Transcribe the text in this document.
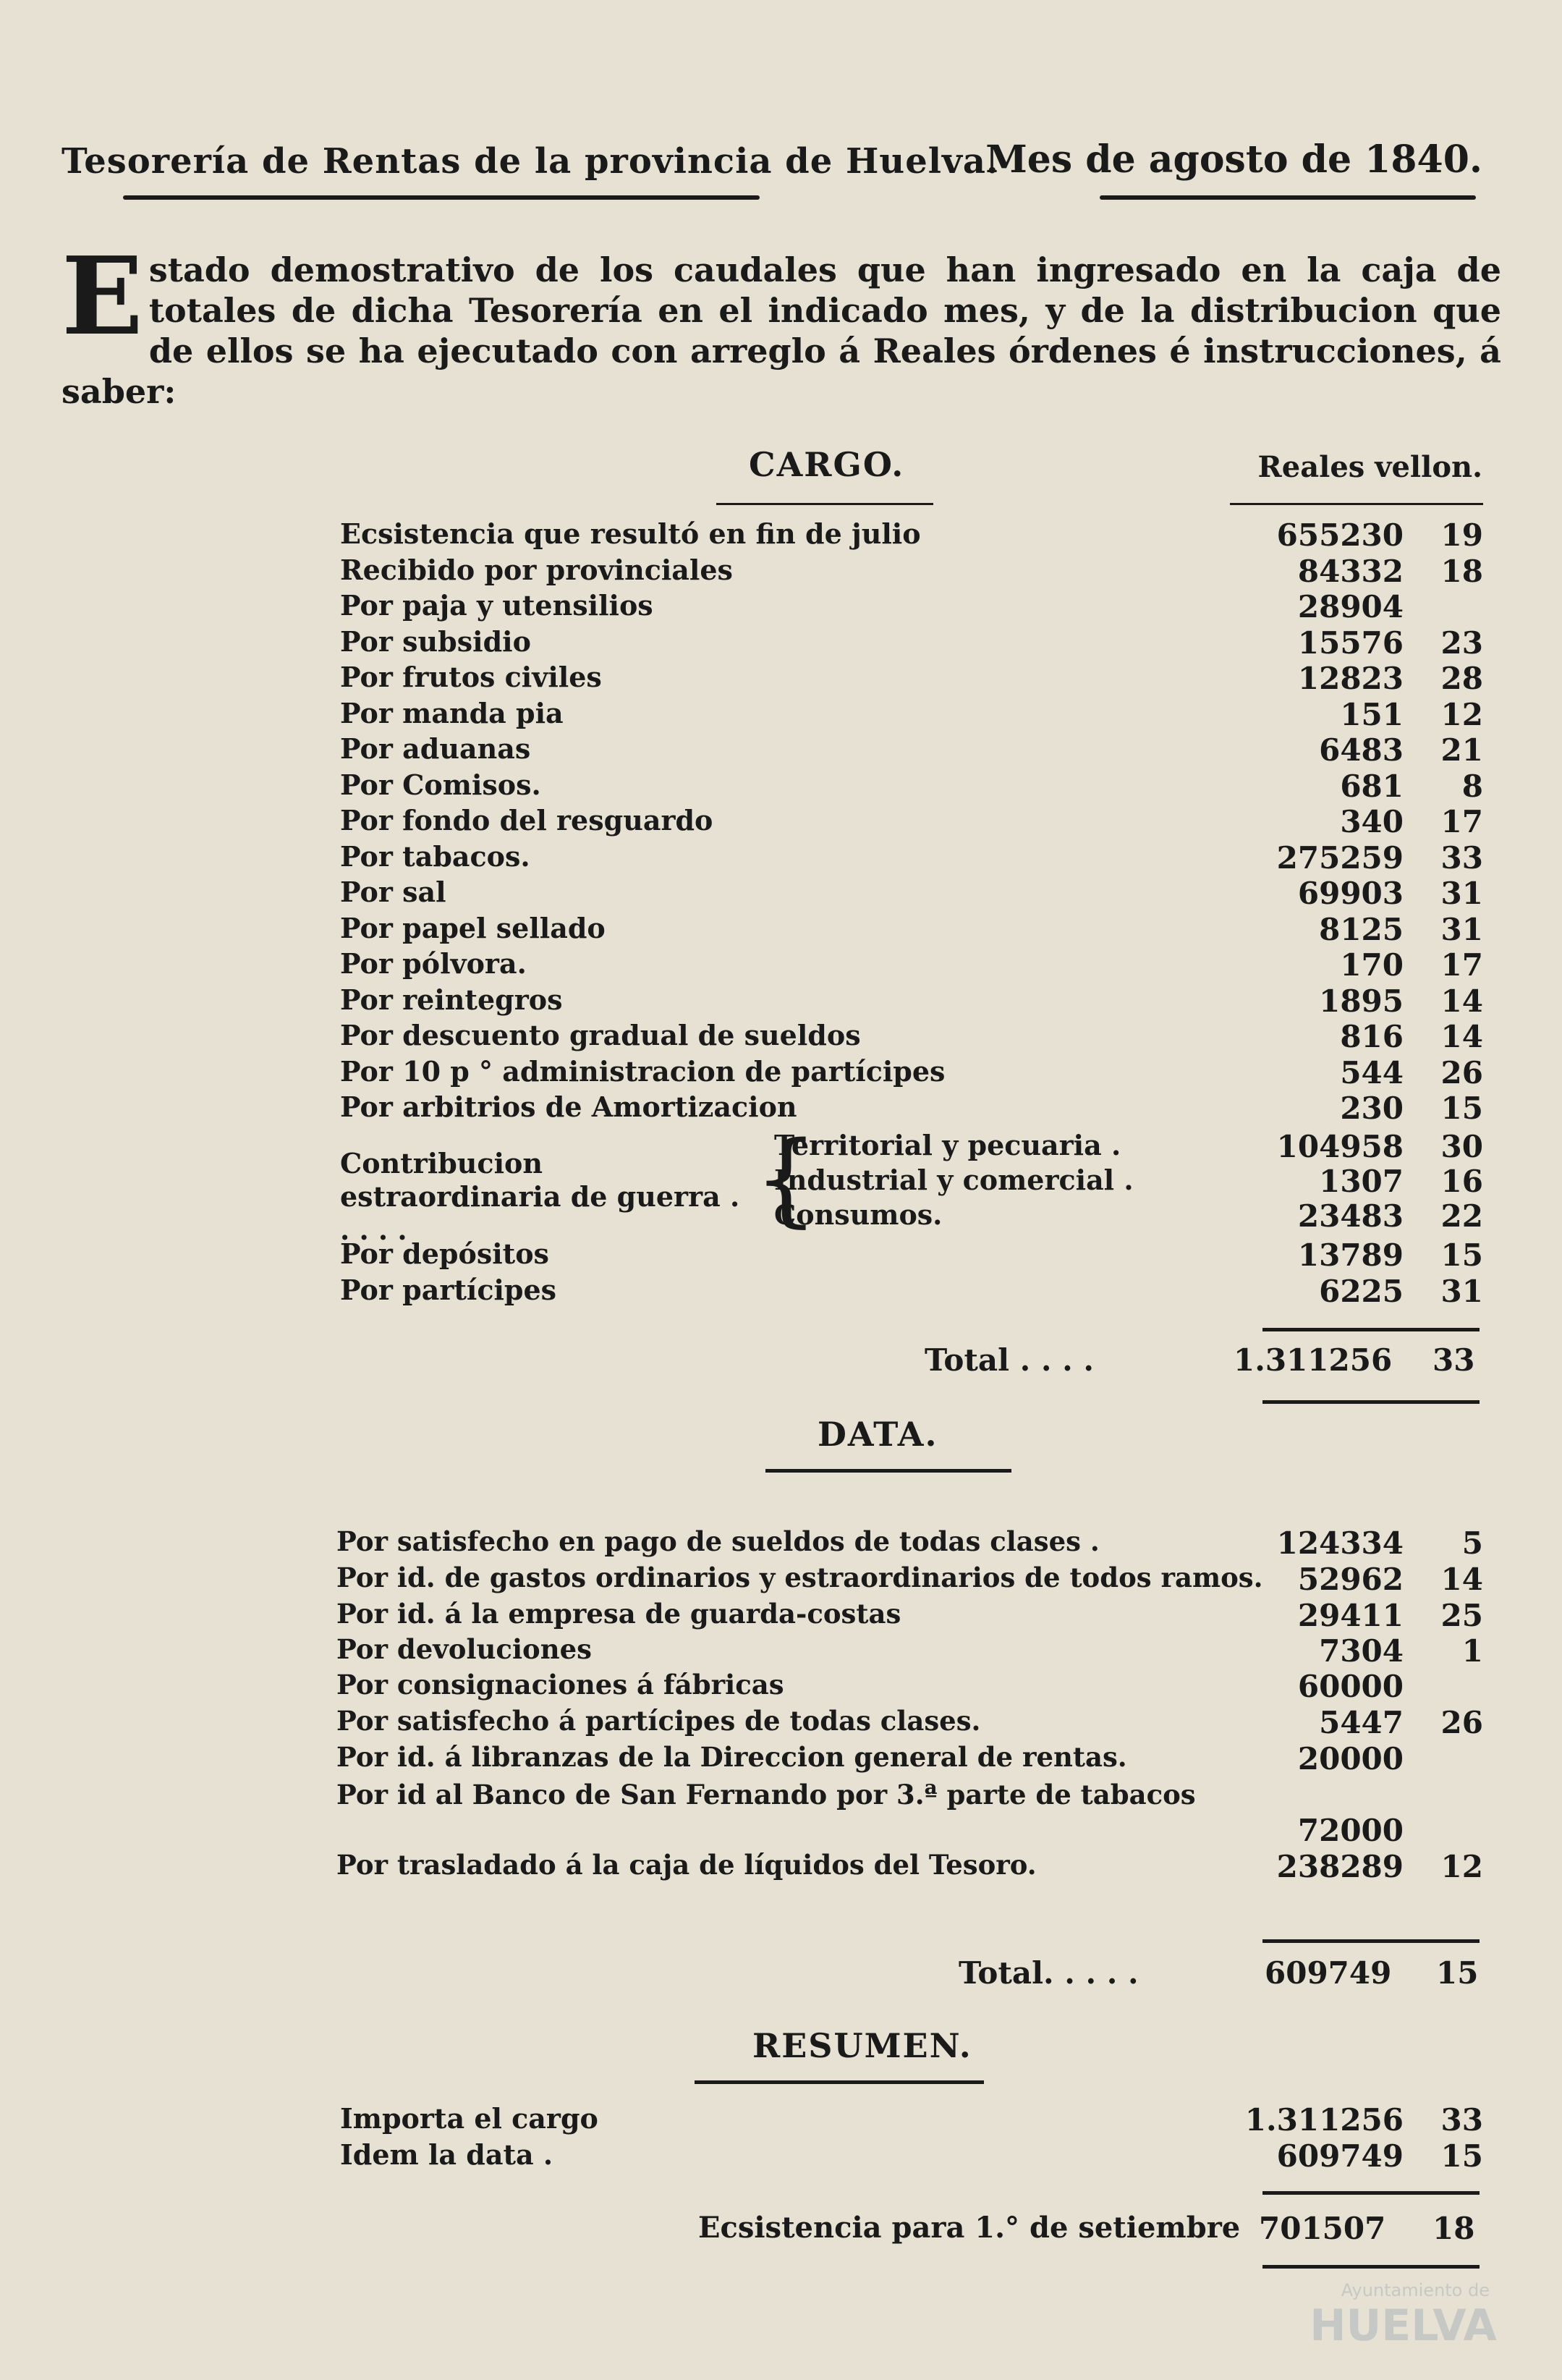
Tesorería de Rentas de la provincia de Huelva.
Mes de agosto de 1840.
Estado demostrativo de los caudales que han ingresado en la caja de totales de dicha Tesorería en el indicado mes, y de la distribucion que de ellos se ha ejecutado con arreglo á Reales órdenes é instrucciones, á saber:
CARGO.	Reales vellon.
Ecsistencia que resultó en fin de julio	655230	19
Recibido por provinciales	84332	18
Por paja y utensilios	28904
Por subsidio	15576	23
Por frutos civiles	12823	28
Por manda pia	151	12
Por aduanas	6483	21
Por Comisos.	681	8
Por fondo del resguardo	340	17
Por tabacos.	275259	33
Por sal	69903	31
Por papel sellado	8125	31
Por pólvora.	170	17
Por reintegros	1895	14
Por descuento gradual de sueldos	816	14
Por 10 p ° administracion de partícipes	544	26
Por arbitrios de Amortizacion	230	15
Contribucion estraordinaria de guerra . . . . .	{
Territorial y pecuaria .	104958	30
Industrial y comercial .	1307	16
Consumos.	23483	22
Por depósitos	13789	15
Por partícipes	6225	31
Total . . . .	1.311256 33
DATA.
Por satisfecho en pago de sueldos de todas clases .	124334	5
Por id. de gastos ordinarios y estraordinarios de todos ramos. 52962	14
Por id. á la empresa de guarda-costas	29411	25
Por devoluciones	7304	1
Por consignaciones á fábricas	60000
Por satisfecho á partícipes de todas clases.	5447	26
Por id. á libranzas de la Direccion general de rentas.	20000
Por id al Banco de San Fernando por 3.ª parte de tabacos
72000
Por trasladado á la caja de líquidos del Tesoro.	238289	12
Total. . . . .	609749 15
RESUMEN.
Importa el cargo	1.311256	33
Idem la data .	609749	15
Ecsistencia para 1.° de setiembre 701507 18
Ayuntamiento de
HUELVA
